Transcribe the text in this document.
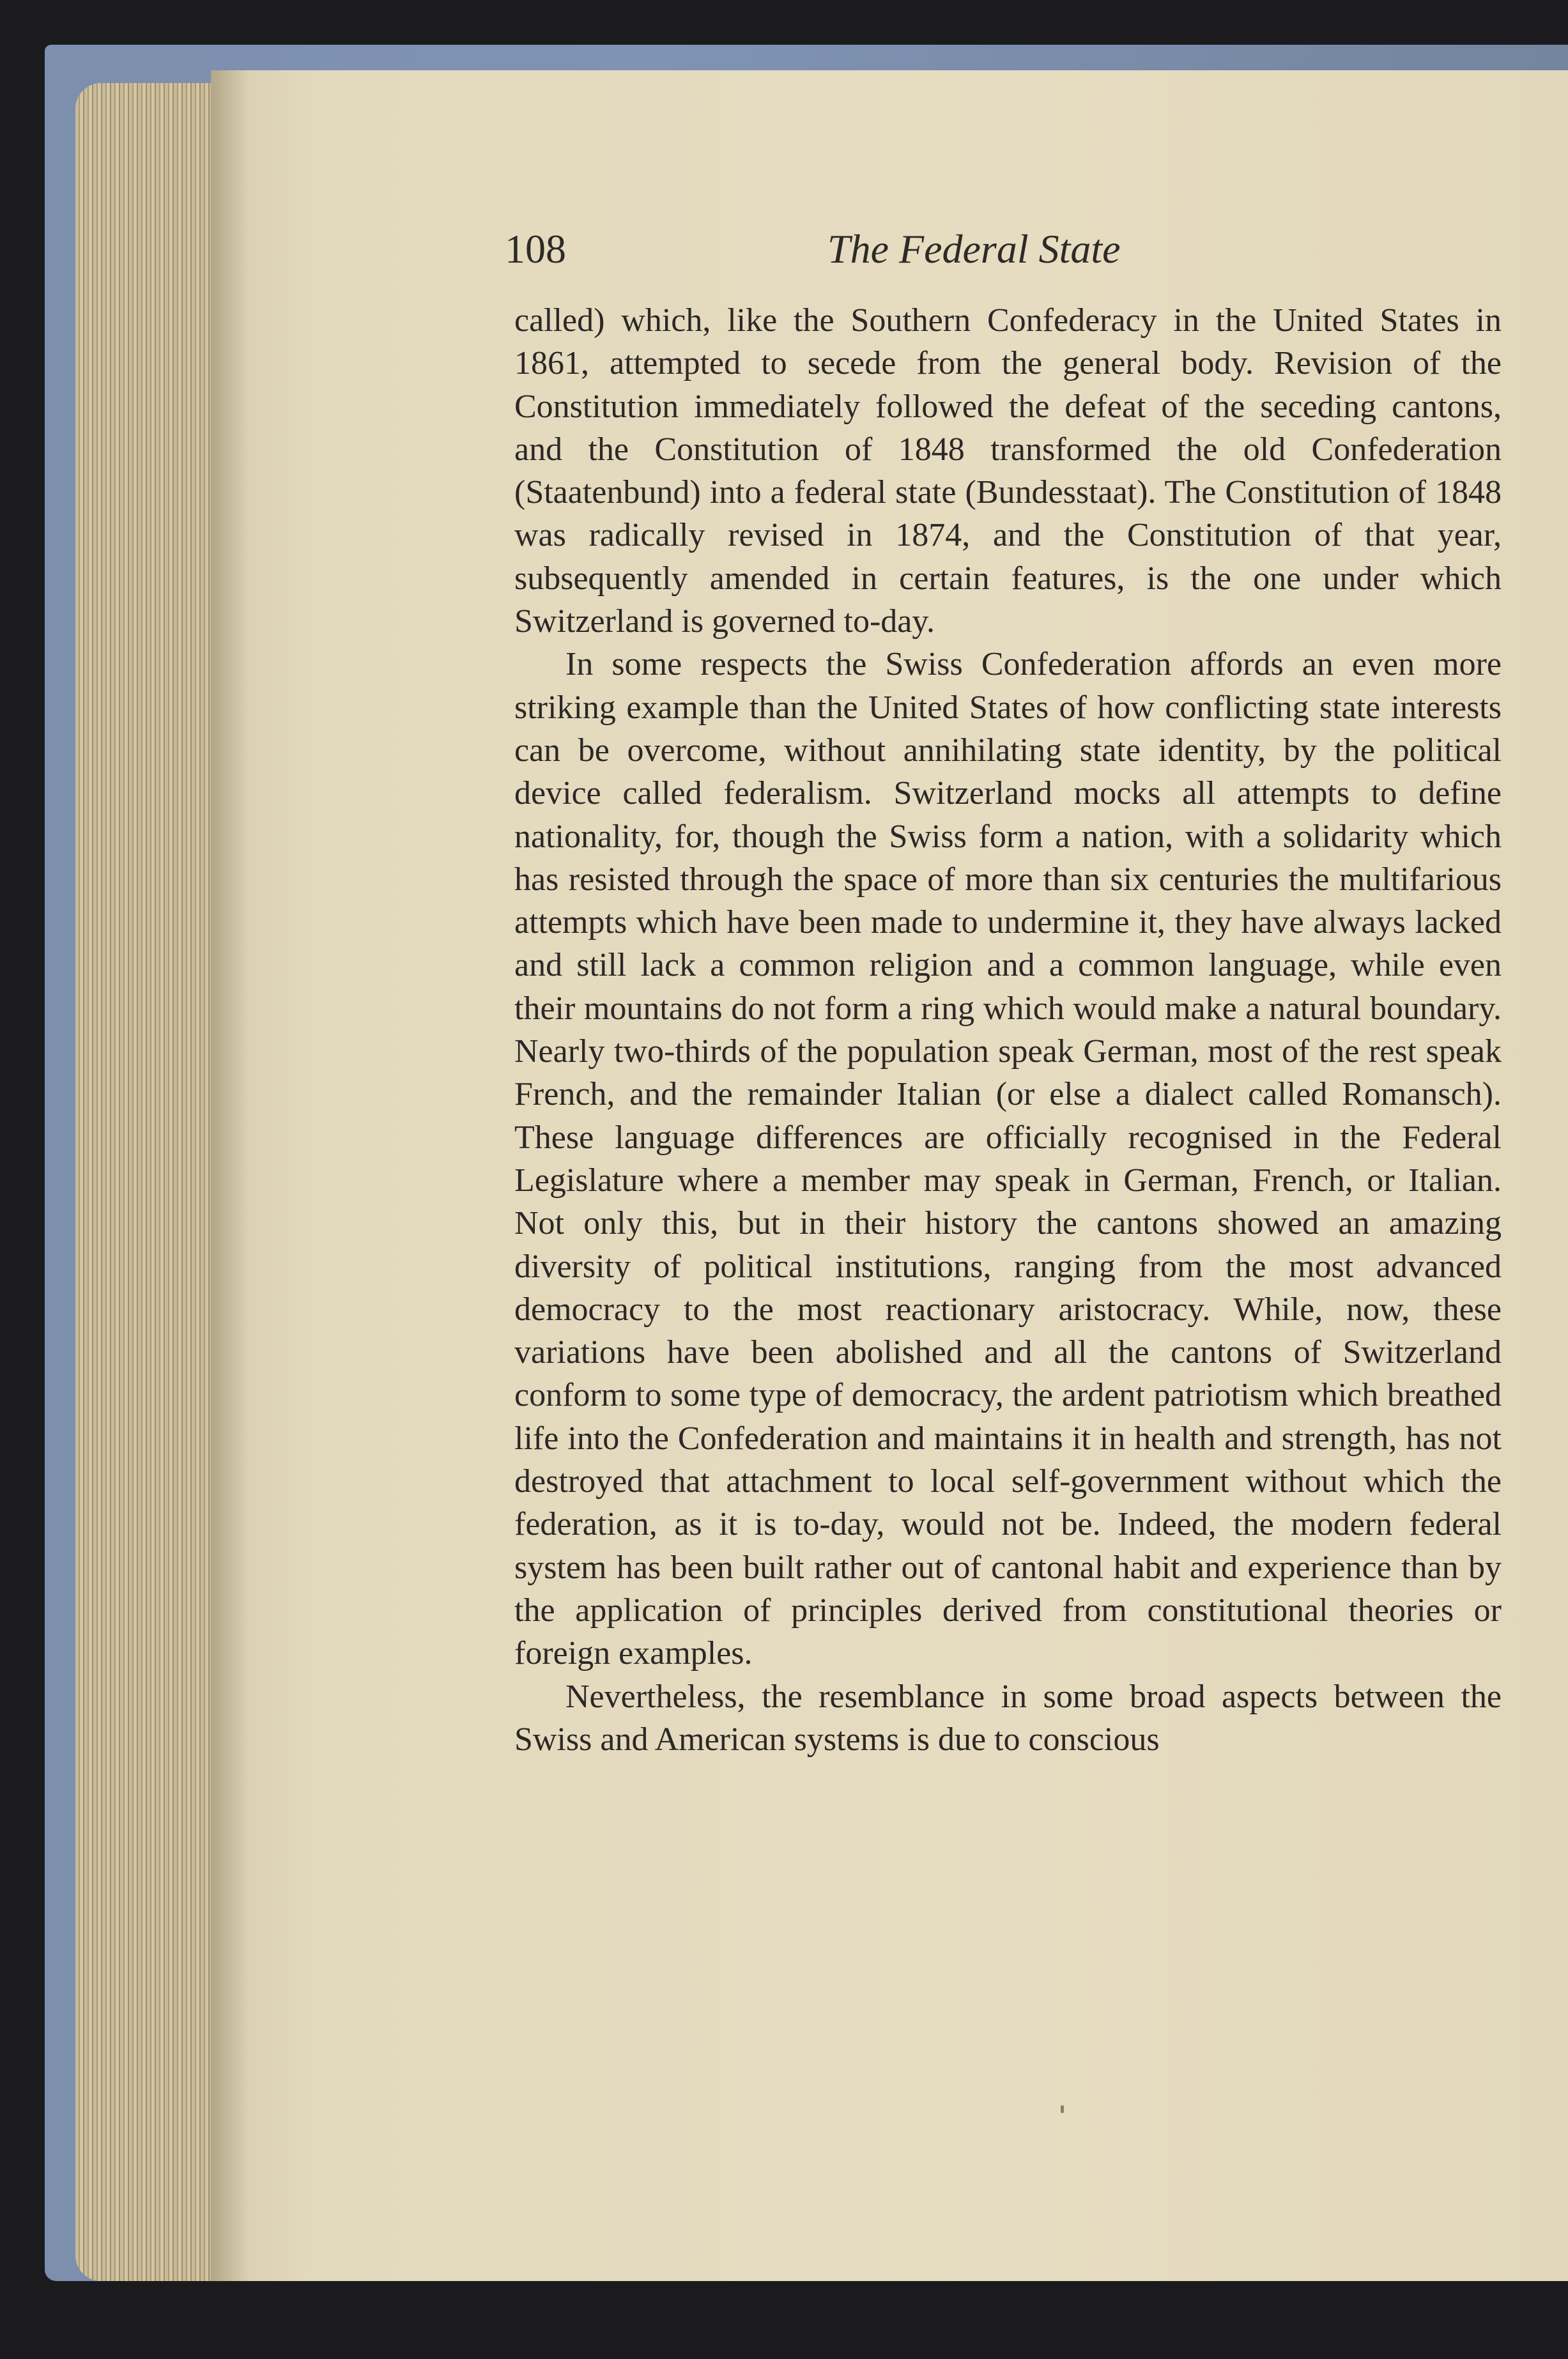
108	The Federal State

called) which, like the Southern Confederacy in the United States in 1861, attempted to secede from the general body. Revision of the Constitution immediately followed the defeat of the seceding cantons, and the Constitution of 1848 transformed the old Confederation (Staatenbund) into a federal state (Bundesstaat). The Constitution of 1848 was radically revised in 1874, and the Constitution of that year, subsequently amended in certain features, is the one under which Switzerland is governed to-day.

In some respects the Swiss Confederation affords an even more striking example than the United States of how conflicting state interests can be overcome, without annihilating state identity, by the political device called federalism. Switzerland mocks all attempts to define nationality, for, though the Swiss form a nation, with a solidarity which has resisted through the space of more than six centuries the multifarious attempts which have been made to undermine it, they have always lacked and still lack a common religion and a common language, while even their mountains do not form a ring which would make a natural boundary. Nearly two-thirds of the population speak German, most of the rest speak French, and the remainder Italian (or else a dialect called Romansch). These language differences are officially recognised in the Federal Legislature where a member may speak in German, French, or Italian. Not only this, but in their history the cantons showed an amazing diversity of political institutions, ranging from the most advanced democracy to the most reactionary aristocracy. While, now, these variations have been abolished and all the cantons of Switzerland conform to some type of democracy, the ardent patriotism which breathed life into the Confederation and maintains it in health and strength, has not destroyed that attachment to local self-government without which the federation, as it is to-day, would not be. Indeed, the modern federal system has been built rather out of cantonal habit and experience than by the application of principles derived from constitutional theories or foreign examples.

Nevertheless, the resemblance in some broad aspects between the Swiss and American systems is due to conscious
